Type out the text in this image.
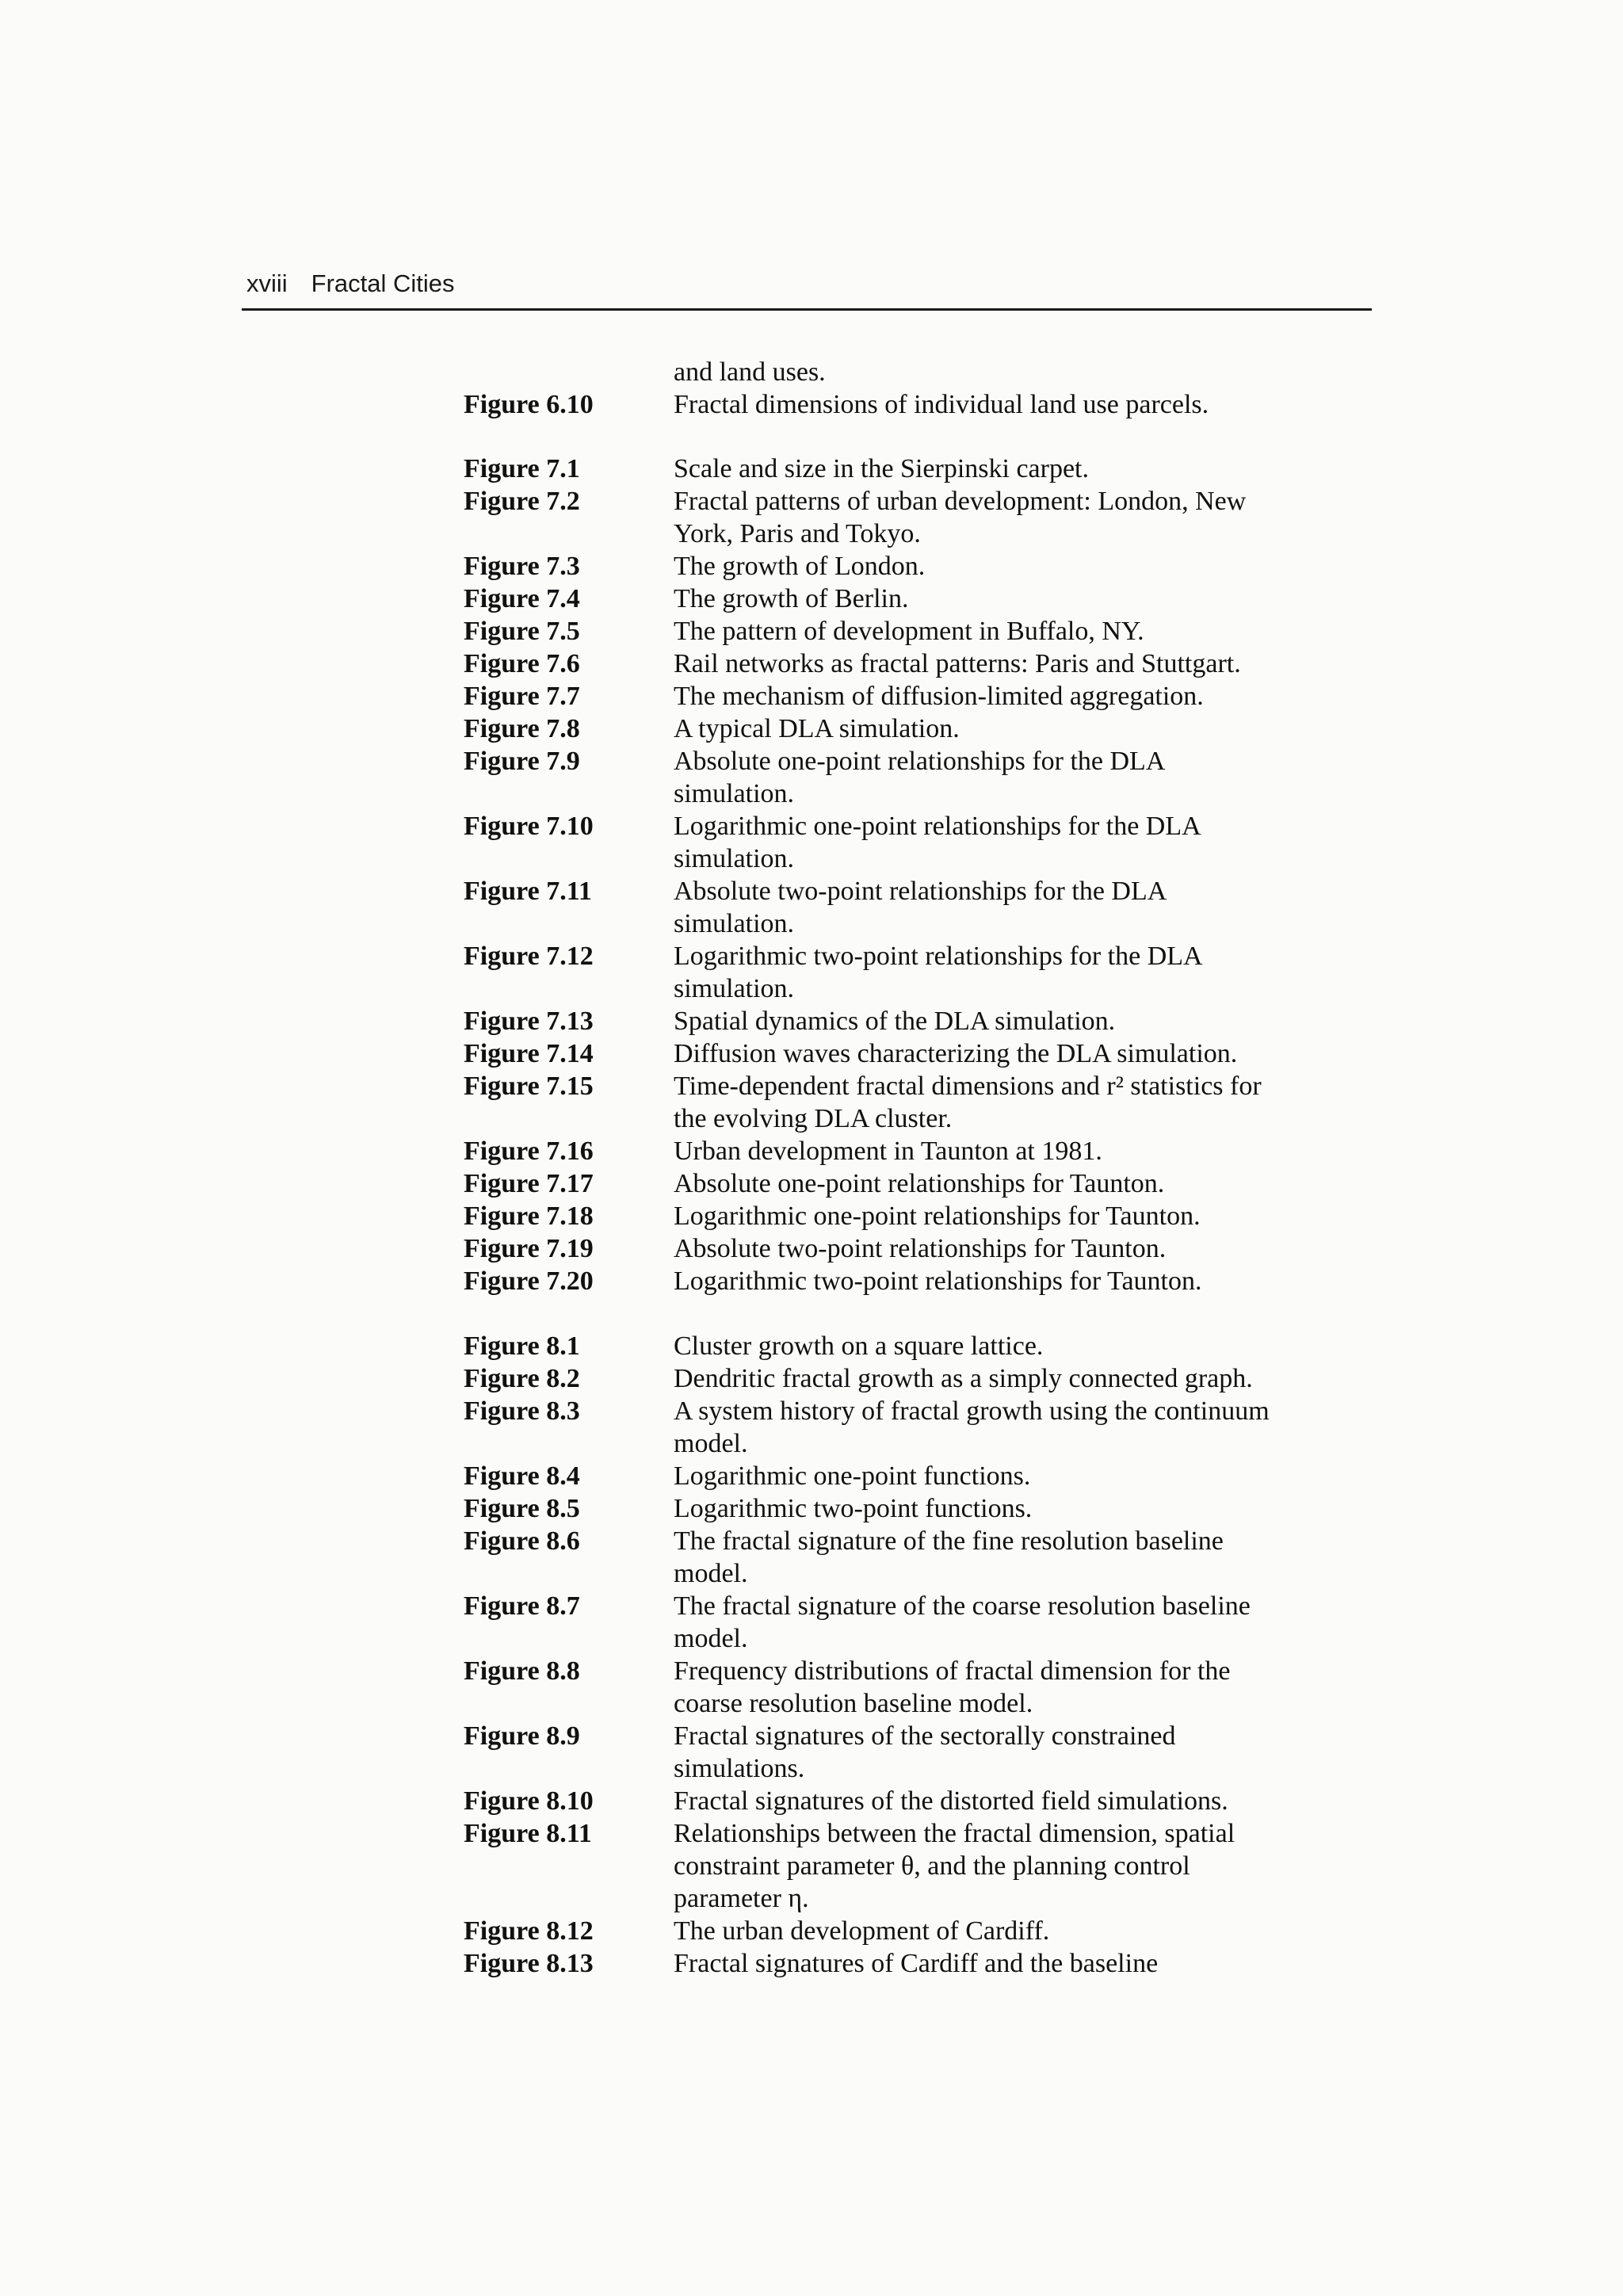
xviii Fractal Cities
and land uses.
Figure 6.10	Fractal dimensions of individual land use parcels.
Figure 7.1	Scale and size in the Sierpinski carpet.
Figure 7.2	Fractal patterns of urban development: London, New
York, Paris and Tokyo.
Figure 7.3	The growth of London.
Figure 7.4	The growth of Berlin.
Figure 7.5	The pattern of development in Buffalo, NY.
Figure 7.6	Rail networks as fractal patterns: Paris and Stuttgart.
Figure 7.7	The mechanism of diffusion-limited aggregation.
Figure 7.8	A typical DLA simulation.
Figure 7.9	Absolute one-point relationships for the DLA
simulation.
Figure 7.10	Logarithmic one-point relationships for the DLA
simulation.
Figure 7.11	Absolute two-point relationships for the DLA
simulation.
Figure 7.12	Logarithmic two-point relationships for the DLA
simulation.
Figure 7.13	Spatial dynamics of the DLA simulation.
Figure 7.14	Diffusion waves characterizing the DLA simulation.
Figure 7.15	Time-dependent fractal dimensions and r² statistics for
the evolving DLA cluster.
Figure 7.16	Urban development in Taunton at 1981.
Figure 7.17	Absolute one-point relationships for Taunton.
Figure 7.18	Logarithmic one-point relationships for Taunton.
Figure 7.19	Absolute two-point relationships for Taunton.
Figure 7.20	Logarithmic two-point relationships for Taunton.
Figure 8.1	Cluster growth on a square lattice.
Figure 8.2	Dendritic fractal growth as a simply connected graph.
Figure 8.3	A system history of fractal growth using the continuum
model.
Figure 8.4	Logarithmic one-point functions.
Figure 8.5	Logarithmic two-point functions.
Figure 8.6	The fractal signature of the fine resolution baseline
model.
Figure 8.7	The fractal signature of the coarse resolution baseline
model.
Figure 8.8	Frequency distributions of fractal dimension for the
coarse resolution baseline model.
Figure 8.9	Fractal signatures of the sectorally constrained
simulations.
Figure 8.10	Fractal signatures of the distorted field simulations.
Figure 8.11	Relationships between the fractal dimension, spatial
constraint parameter θ, and the planning control
parameter η.
Figure 8.12	The urban development of Cardiff.
Figure 8.13	Fractal signatures of Cardiff and the baseline
